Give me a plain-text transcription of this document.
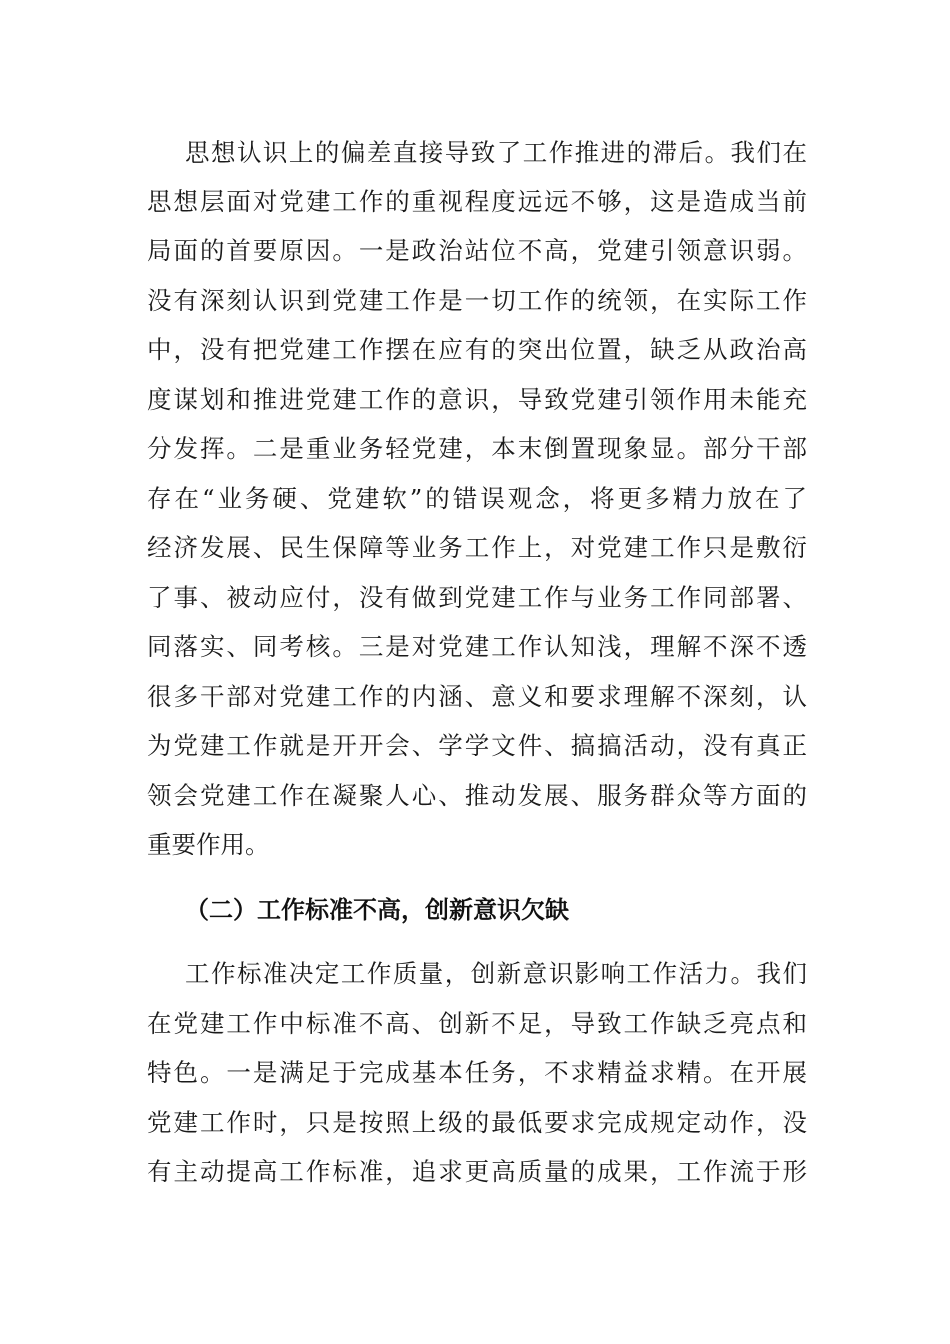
思想认识上的偏差直接导致了工作推进的滞后。我们在
思想层面对党建工作的重视程度远远不够，这是造成当前
局面的首要原因。一是政治站位不高，党建引领意识弱。
没有深刻认识到党建工作是一切工作的统领，在实际工作
中，没有把党建工作摆在应有的突出位置，缺乏从政治高
度谋划和推进党建工作的意识，导致党建引领作用未能充
分发挥。二是重业务轻党建，本末倒置现象显。部分干部
存在“业务硬、党建软”的错误观念，将更多精力放在了
经济发展、民生保障等业务工作上，对党建工作只是敷衍
了事、被动应付，没有做到党建工作与业务工作同部署、
同落实、同考核。三是对党建工作认知浅，理解不深不透
很多干部对党建工作的内涵、意义和要求理解不深刻，认
为党建工作就是开开会、学学文件、搞搞活动，没有真正
领会党建工作在凝聚人心、推动发展、服务群众等方面的
重要作用。
（二）工作标准不高，创新意识欠缺
工作标准决定工作质量，创新意识影响工作活力。我们
在党建工作中标准不高、创新不足，导致工作缺乏亮点和
特色。一是满足于完成基本任务，不求精益求精。在开展
党建工作时，只是按照上级的最低要求完成规定动作，没
有主动提高工作标准，追求更高质量的成果，工作流于形
